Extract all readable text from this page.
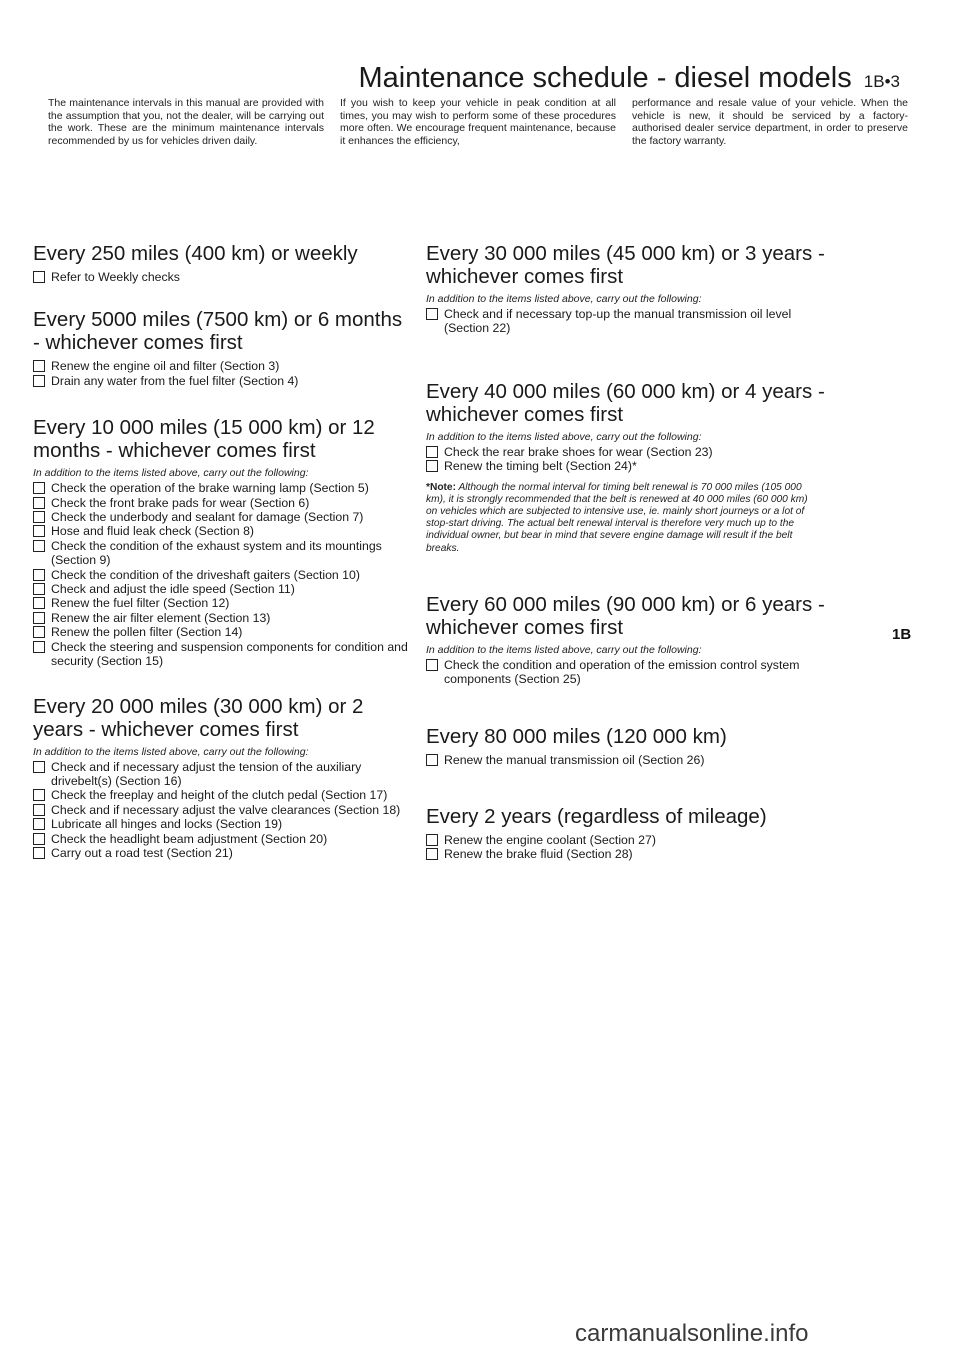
Maintenance schedule - diesel models 1B•3

The maintenance intervals in this manual are provided with the assumption that you, not the dealer, will be carrying out the work. These are the minimum maintenance intervals recommended by us for vehicles driven daily.

If you wish to keep your vehicle in peak condition at all times, you may wish to perform some of these procedures more often. We encourage frequent maintenance, because it enhances the efficiency,

performance and resale value of your vehicle. When the vehicle is new, it should be serviced by a factory-authorised dealer service department, in order to preserve the factory warranty.

Every 250 miles (400 km) or weekly
Refer to Weekly checks
Every 5000 miles (7500 km) or 6 months - whichever comes first
Renew the engine oil and filter (Section 3)
Drain any water from the fuel filter (Section 4)
Every 10 000 miles (15 000 km) or 12 months - whichever comes first

In addition to the items listed above, carry out the following:

Check the operation of the brake warning lamp (Section 5)
Check the front brake pads for wear (Section 6)
Check the underbody and sealant for damage (Section 7)
Hose and fluid leak check (Section 8)
Check the condition of the exhaust system and its mountings (Section 9)
Check the condition of the driveshaft gaiters (Section 10)
Check and adjust the idle speed (Section 11)
Renew the fuel filter (Section 12)
Renew the air filter element (Section 13)
Renew the pollen filter (Section 14)
Check the steering and suspension components for condition and security (Section 15)
Every 20 000 miles (30 000 km) or 2 years - whichever comes first

In addition to the items listed above, carry out the following:

Check and if necessary adjust the tension of the auxiliary drivebelt(s) (Section 16)
Check the freeplay and height of the clutch pedal (Section 17)
Check and if necessary adjust the valve clearances (Section 18)
Lubricate all hinges and locks (Section 19)
Check the headlight beam adjustment (Section 20)
Carry out a road test (Section 21)
Every 30 000 miles (45 000 km) or 3 years - whichever comes first

In addition to the items listed above, carry out the following:

Check and if necessary top-up the manual transmission oil level (Section 22)
Every 40 000 miles (60 000 km) or 4 years - whichever comes first

In addition to the items listed above, carry out the following:

Check the rear brake shoes for wear (Section 23)
Renew the timing belt (Section 24)*
*Note: Although the normal interval for timing belt renewal is 70 000 miles (105 000 km), it is strongly recommended that the belt is renewed at 40 000 miles (60 000 km) on vehicles which are subjected to intensive use, ie. mainly short journeys or a lot of stop-start driving. The actual belt renewal interval is therefore very much up to the individual owner, but bear in mind that severe engine damage will result if the belt breaks.
Every 60 000 miles (90 000 km) or 6 years - whichever comes first

In addition to the items listed above, carry out the following:

Check the condition and operation of the emission control system components (Section 25)
Every 80 000 miles (120 000 km)
Renew the manual transmission oil (Section 26)
Every 2 years (regardless of mileage)
Renew the engine coolant (Section 27)
Renew the brake fluid (Section 28)
1B
carmanualsonline.info
